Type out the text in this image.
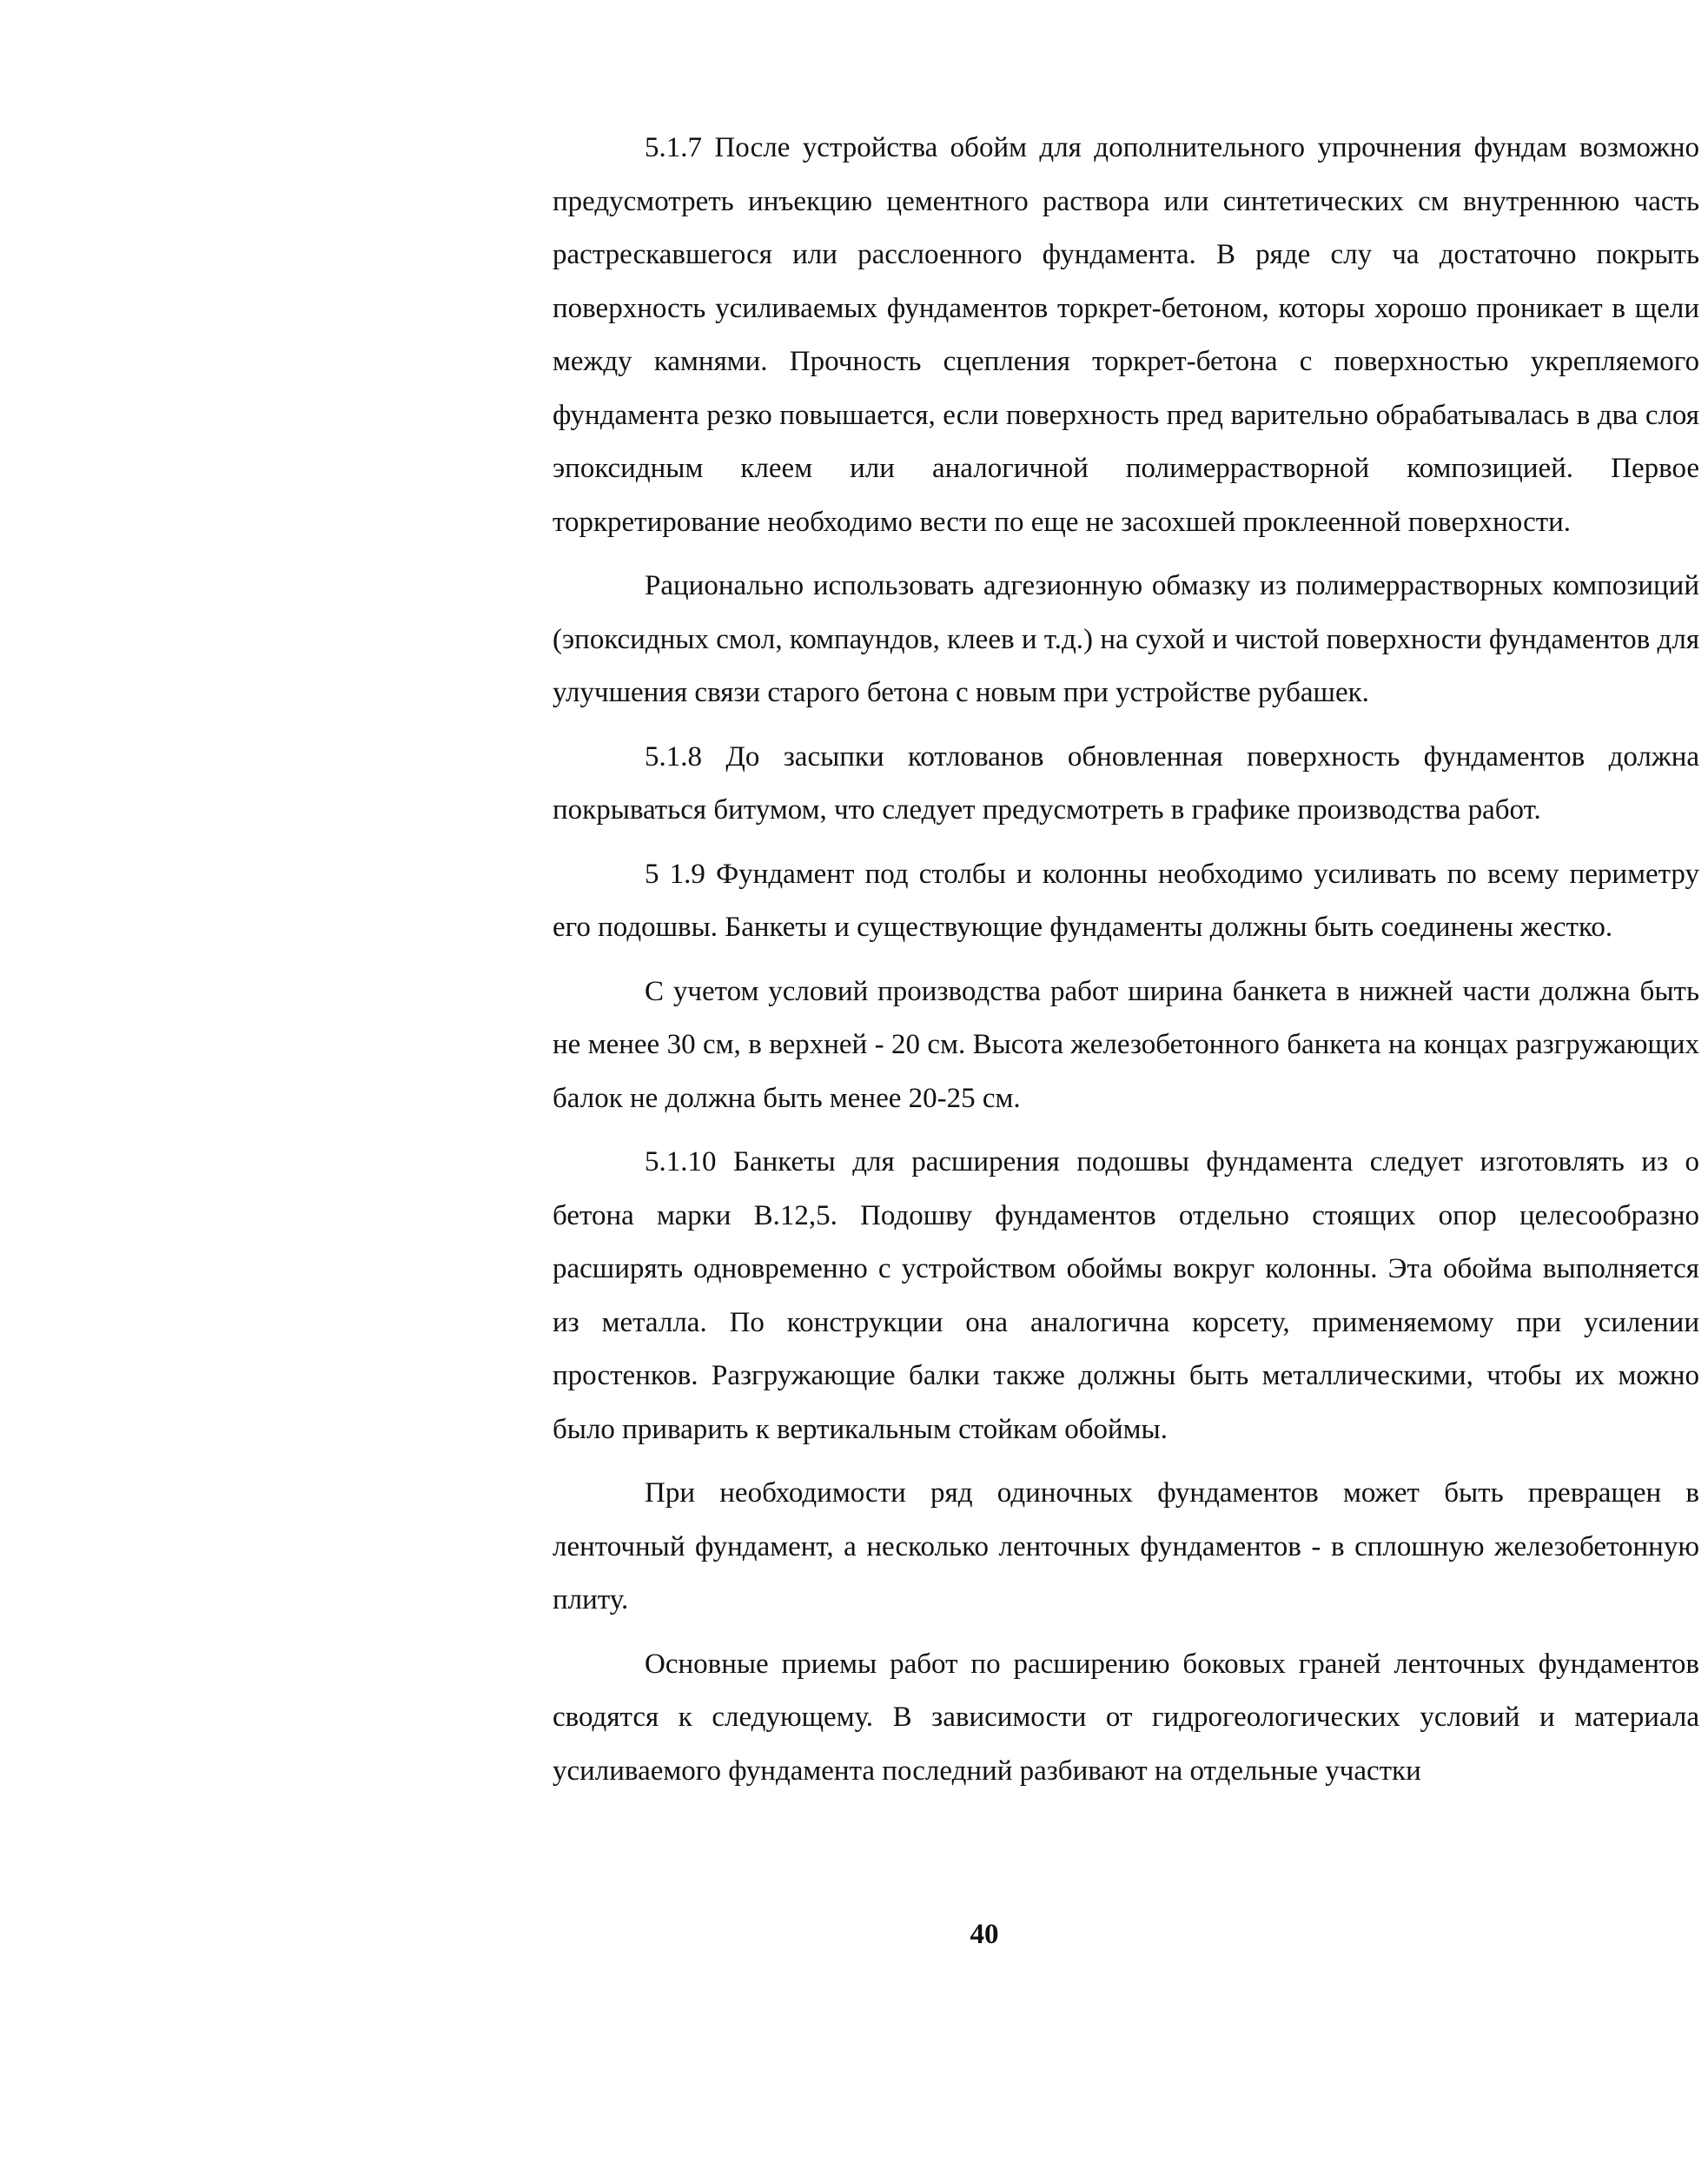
5.1.7 После устройства обойм для дополнительного упрочнения фундам возможно предусмотреть инъекцию цементного раствора или синтетических см внутреннюю часть растрескавшегося или расслоенного фундамента. В ряде слу ча достаточно покрыть поверхность усиливаемых фундаментов торкрет-бетоном, которы хорошо проникает в щели между камнями. Прочность сцепления торкрет-бетона с поверхностью укрепляемого фундамента резко повышается, если поверхность пред варительно обрабатывалась в два слоя эпоксидным клеем или аналогичной полимеррастворной композицией. Первое торкретирование необходимо вести по еще не засохшей проклеенной поверхности.

Рационально использовать адгезионную обмазку из полимеррастворных композиций (эпоксидных смол, компаундов, клеев и т.д.) на сухой и чистой поверхности фундаментов для улучшения связи старого бетона с новым при устройстве рубашек.

5.1.8 До засыпки котлованов обновленная поверхность фундаментов должна покрываться битумом, что следует предусмотреть в графике производства работ.

5 1.9 Фундамент под столбы и колонны необходимо усиливать по всему периметру его подошвы. Банкеты и существующие фундаменты должны быть соединены жестко.

С учетом условий производства работ ширина банкета в нижней части должна быть не менее 30 см, в верхней - 20 см. Высота железобетонного банкета на концах разгружающих балок не должна быть менее 20-25 см.

5.1.10 Банкеты для расширения подошвы фундамента следует изготовлять из о бетона марки В.12,5. Подошву фундаментов отдельно стоящих опор целесообразно расширять одновременно с устройством обоймы вокруг колонны. Эта обойма выполняется из металла. По конструкции она аналогична корсету, применяемому при усилении простенков. Разгружающие балки также должны быть металлическими, чтобы их можно было приварить к вертикальным стойкам обоймы.

При необходимости ряд одиночных фундаментов может быть превращен в ленточный фундамент, а несколько ленточных фундаментов - в сплошную железобетонную плиту.

Основные приемы работ по расширению боковых граней ленточных фундаментов сводятся к следующему. В зависимости от гидрогеологических условий и материала усиливаемого фундамента последний разбивают на отдельные участки

40
